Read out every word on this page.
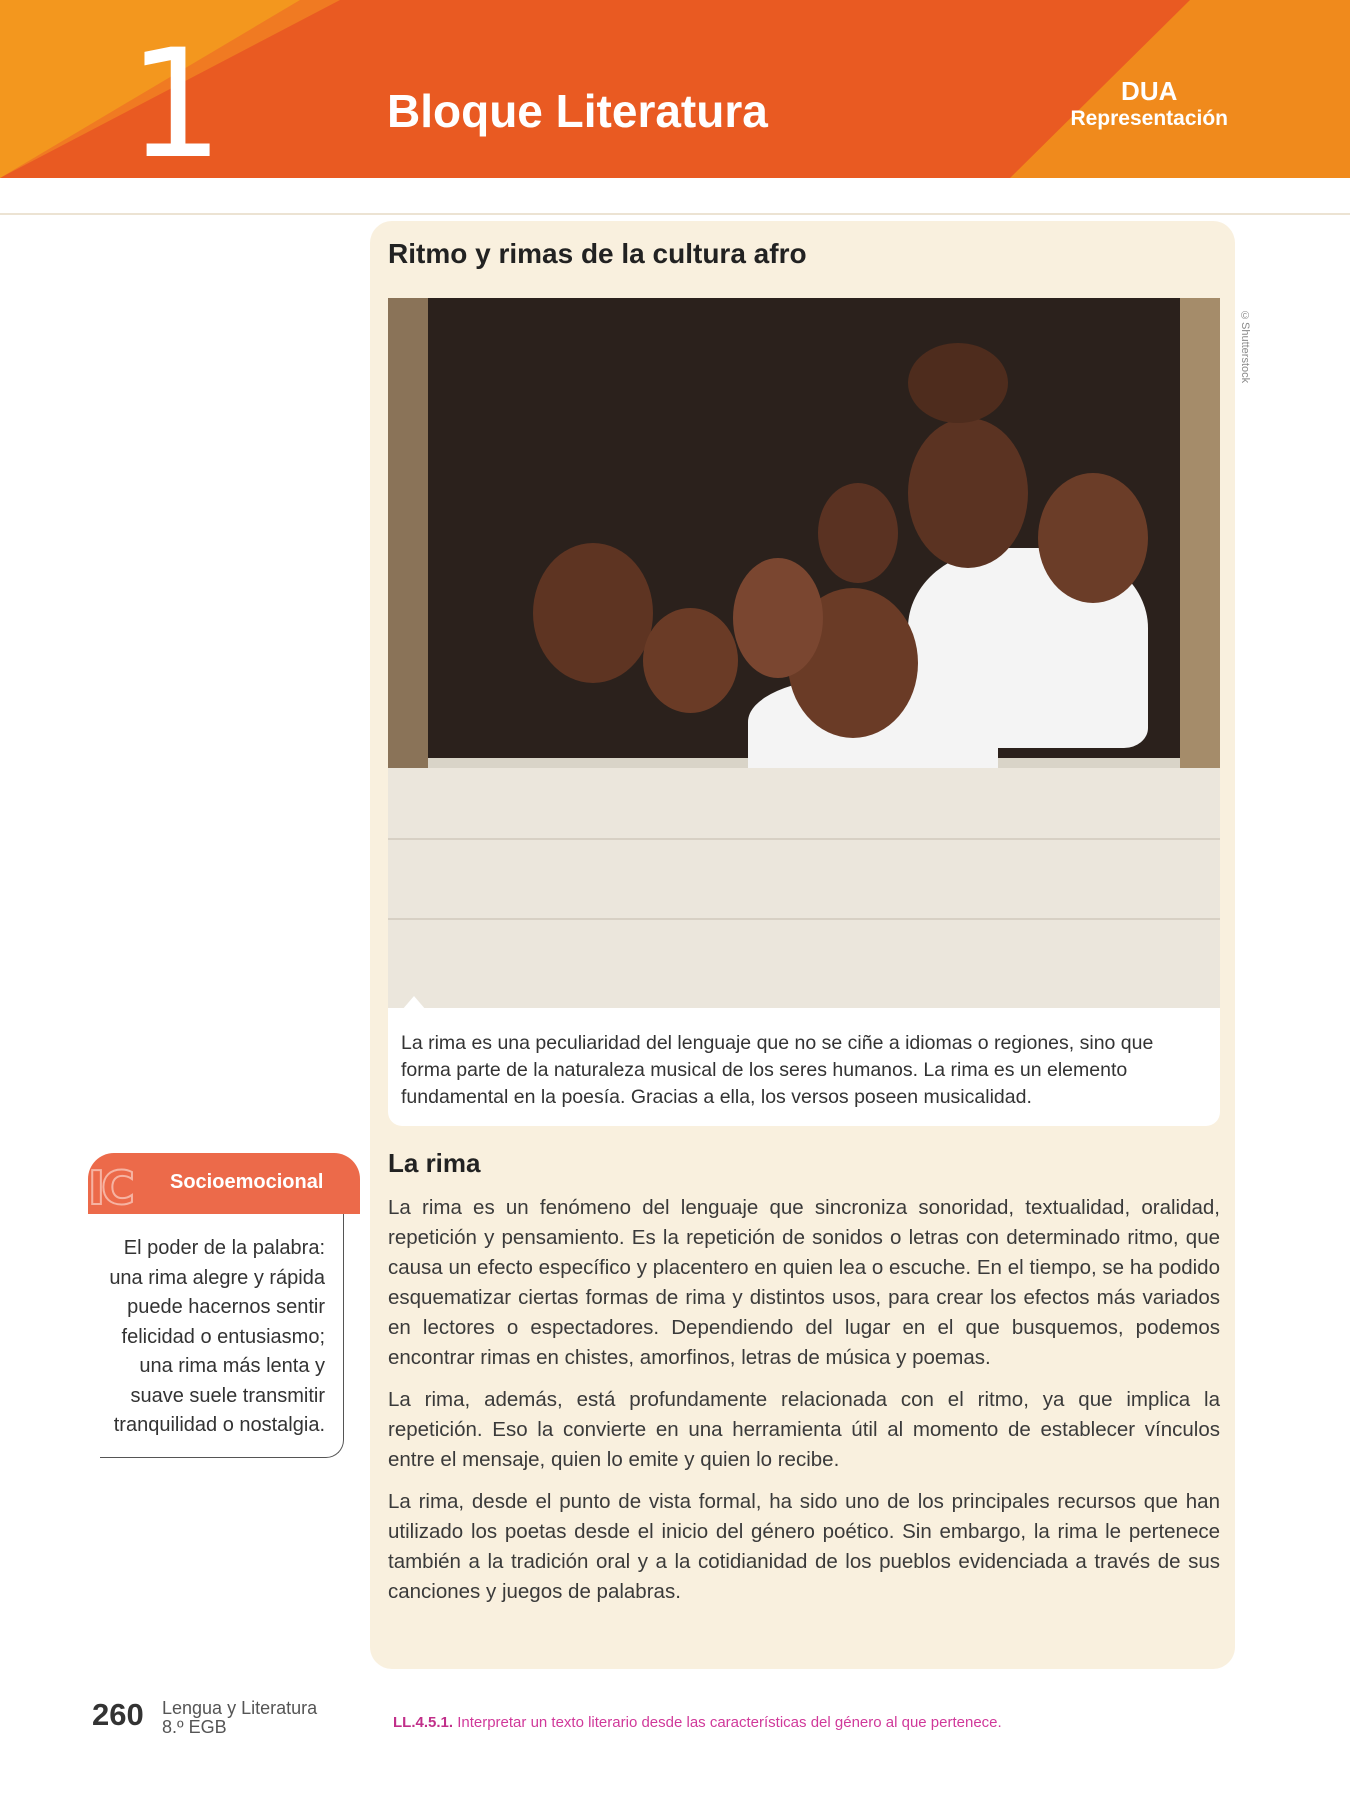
1	Bloque Literatura	DUA
Representación
Ritmo y rimas de la cultura afro
©Shutterstock

La rima es una peculiaridad del lenguaje que no se ciñe a idiomas o regiones, sino que forma parte de la naturaleza musical de los seres humanos. La rima es un elemento fundamental en la poesía. Gracias a ella, los versos poseen musicalidad.

La rima

La rima es un fenómeno del lenguaje que sincroniza sonoridad, textualidad, oralidad, repetición y pensamiento. Es la repetición de sonidos o letras con determinado ritmo, que causa un efecto específico y placentero en quien lea o escuche. En el tiempo, se ha podido esquematizar ciertas formas de rima y distintos usos, para crear los efectos más variados en lectores o espectadores. Dependiendo del lugar en el que busquemos, podemos encontrar rimas en chistes, amorfinos, letras de música y poemas.

La rima, además, está profundamente relacionada con el ritmo, ya que implica la repetición. Eso la convierte en una herramienta útil al momento de establecer vínculos entre el mensaje, quien lo emite y quien lo recibe.

La rima, desde el punto de vista formal, ha sido uno de los principales recursos que han utilizado los poetas desde el inicio del género poético. Sin embargo, la rima le pertenece también a la tradición oral y a la cotidianidad de los pueblos evidenciada a través de sus canciones y juegos de palabras.

IC Socioemocional

El poder de la palabra: una rima alegre y rápida puede hacernos sentir felicidad o entusiasmo; una rima más lenta y suave suele transmitir tranquilidad o nostalgia.

260 Lengua y Literatura
8.º EGB	LL.4.5.1. Interpretar un texto literario desde las características del género al que pertenece.
